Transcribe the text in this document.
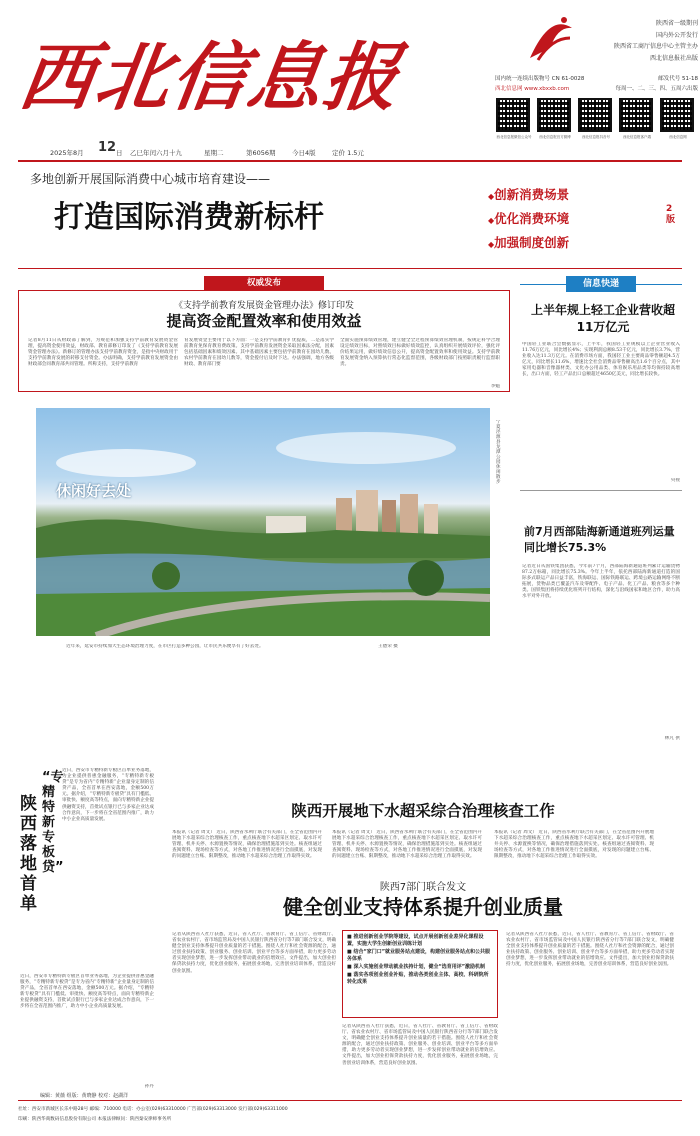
西北信息报
陕西省一级期刊
国内外公开发行
陕西省工商厅信息中心主管主办
西北信息报社出版
国内统一连续出版物号 CN 61-0028	邮发代号 51-18
西北信息网 www.xbxxb.com	每周一、二、三、四、五周六出版
西北信息报微信公众号	西北信息报官方微博	西北信息报抖音号	西北信息报客户端	西北信息网
2025年8月 12 日 乙巳年闰六月十九	星期二	第6056期	今日4版	定价 1.5元
多地创新开展国际消费中心城市培育建设——
打造国际消费新标杆
◆创新消费场景
◆优化消费环境
◆加强制度创新
2版
权威发布
《支持学前教育发展资金管理办法》修订印发
提高资金配置效率和使用效益
记者8月11日从财政部了解到，为规范和加强支持学前教育发展资金管理，提高资金使用效益，财政部、教育部修订印发了《支持学前教育发展资金管理办法》。新修订的管理办法支持学前教育资金，是指中央财政用于支持学前教育发展的转移支付资金。办法明确，支持学前教育发展资金由财政部会同教育部共同管理。所称支持，支持学前教育
育发展资金主要用于以下方面：一是支持学前教育扩优提质，二是落实学前教育免保育教育费政策。支持学前教育发展资金采取因素法分配，因素包括基础因素和绩效因素。其中基础因素主要包括学前教育在园幼儿数、农村学前教育在园幼儿数等，资金拨付后及时下达。办法强调，地方各级财政、教育部门要
全面实施预算绩效管理，建立健全全过程预算绩效管理机制，按规定科学合理设定绩效目标，对照绩效目标做好绩效监控，认真组织开展绩效评价，强化评价结果运用，做好绩效信息公开，提高资金配置效率和使用效益。支持学前教育发展资金纳入预算执行常态化监督范围，各级财政部门按照职责履行监督职责。
李魁
休闲好去处
宁夏泾源县龙潭公园休闲散步
近年来，延安市持续加大生态环境治理力度，在市区打造多种公园，让市民共乐便享有了好去处。	王德荣 摄
信息快递
上半年规上轻工企业营收超11万亿元
中国轻工业联合会数据显示，上半年，我国轻工业规模以上企业营业收入11.76万亿元，同比增长4%；实现利润总额8.53千亿元，同比增长3.7%，营业收入达11.3万亿元。在消费市场方面，我国轻工业主要商品零售额超4.5万亿元，同比增长11.6%，增速比全社会消费品零售额高出1.6个百分点，其中家用电器和音像器材类、文化办公用品类、体育娱乐用品类等均保持较高增长，出口方面，轻工产品出口总额超过4650亿美元，同比增长较快。
央视
前7月西部陆海新通道班列运量同比增长75.3%
记者近日从国铁集团获悉，今年前7个月，西部陆海新通道班列累计运输货物87.2万标箱，同比增长75.3%。今年上半年，依托西部陆海新通道打造的国际多式联运产品日益丰富，铁海联运、国际铁路联运、跨境公路运输网络不断拓展，货物品类已覆盖汽车及零配件、电子产品、化工产品、粮食等多个种类。国铁集团将持续优化班列开行结构，深化与沿线国家和地区合作，助力高水平对外开放。
林凡 供
陕西落地首单
“专精特新专板贷”
近日，西安市专精特新专板区首单业务落地，为企业提供普惠金融服务，“专精特新专板贷”是专为省内“专精特新”企业量身定制的信贷产品，全省首单在西安落地，金额500万元。据介绍，“专精特新专板贷”具有门槛低、审批快、额度高等特点，面向专精特新企业提供融资支持，首批试点银行已与多家企业达成合作意向，下一步将在全省范围内推广，助力中小企业高质量发展。
近日，西安市专精特新专板区首单业务落地，为企业提供普惠金融服务，“专精特新专板贷”是专为省内“专精特新”企业量身定制的信贷产品，全省首单在西安落地，金额500万元。据介绍，“专精特新专板贷”具有门槛低、审批快、额度高等特点，面向专精特新企业提供融资支持，首批试点银行已与多家企业达成合作意向，下一步将在全省范围内推广，助力中小企业高质量发展。
孙丹
陕西开展地下水超采综合治理核查工作
本报讯（记者 周文） 近日，陕西省水利厅联合有关部门，在全省范围内开展地下水超采综合治理核查工作，重点核查地下水超采区划定、取水许可管理、机井关停、水源置换等情况，确保治理措施落到实处。核查组通过查阅资料、现场检查等方式，对各地工作推进情况进行全面摸底，对发现的问题建立台账、限期整改，推动地下水超采综合治理工作取得实效。
本报讯（记者 周文） 近日，陕西省水利厅联合有关部门，在全省范围内开展地下水超采综合治理核查工作，重点核查地下水超采区划定、取水许可管理、机井关停、水源置换等情况，确保治理措施落到实处。核查组通过查阅资料、现场检查等方式，对各地工作推进情况进行全面摸底，对发现的问题建立台账、限期整改，推动地下水超采综合治理工作取得实效。
本报讯（记者 周文） 近日，陕西省水利厅联合有关部门，在全省范围内开展地下水超采综合治理核查工作，重点核查地下水超采区划定、取水许可管理、机井关停、水源置换等情况，确保治理措施落到实处。核查组通过查阅资料、现场检查等方式，对各地工作推进情况进行全面摸底，对发现的问题建立台账、限期整改，推动地下水超采综合治理工作取得实效。
陕西7部门联合发文
健全创业支持体系提升创业质量
记者从陕西省人社厅获悉，近日，省人社厅、省教育厅、省工信厅、省财政厅、省农业农村厅、省市场监管局及中国人民银行陕西省分行等7部门联合发文，明确健全创业支持体系提升创业质量的若干措施。围绕人社厅和社会资源的配合，通过创业扶持政策、创业服务、创业培训、创业平台等多方面举措，助力更多劳动者实现创业梦想，进一步发挥创业带动就业的倍增效应。文件提出，加大创业担保贷款扶持力度，优化创业服务，拓展创业场地，完善创业培训体系，营造良好创业氛围。
■ 推进创新创业学院等建设，试点开展创新创业差异化课程设置，实施大学生创新创业训练计划
■ 结合“家门口”就业服务站点建设，构建创业服务站点和公共服务体系
■ 深入实施创业带动就业扶持计划，健全“选育用评”激励机制
■ 落实各项创业创业补贴，推动各类创业主体、高校、科研院所转化成果
记者从陕西省人社厅获悉，近日，省人社厅、省教育厅、省工信厅、省财政厅、省农业农村厅、省市场监管局及中国人民银行陕西省分行等7部门联合发文，明确健全创业支持体系提升创业质量的若干措施。围绕人社厅和社会资源的配合，通过创业扶持政策、创业服务、创业培训、创业平台等多方面举措，助力更多劳动者实现创业梦想，进一步发挥创业带动就业的倍增效应。文件提出，加大创业担保贷款扶持力度，优化创业服务，拓展创业场地，完善创业培训体系，营造良好创业氛围。
记者从陕西省人社厅获悉，近日，省人社厅、省教育厅、省工信厅、省财政厅、省农业农村厅、省市场监管局及中国人民银行陕西省分行等7部门联合发文，明确健全创业支持体系提升创业质量的若干措施。围绕人社厅和社会资源的配合，通过创业扶持政策、创业服务、创业培训、创业平台等多方面举措，助力更多劳动者实现创业梦想，进一步发挥创业带动就业的倍增效应。文件提出，加大创业担保贷款扶持力度，优化创业服务，拓展创业场地，完善创业培训体系，营造良好创业氛围。
编辑：黄薇 组版：黄晓静 校对：赵湖洋
社址：西安市新城区长乐中路28号 邮编：710000 电话：办公室(029)63310000 广告部(029)63313000 发行部(029)63311000
印刷：陕西华商数码信息股份有限公司 本报法律顾问：陕西秦安律师事务所
